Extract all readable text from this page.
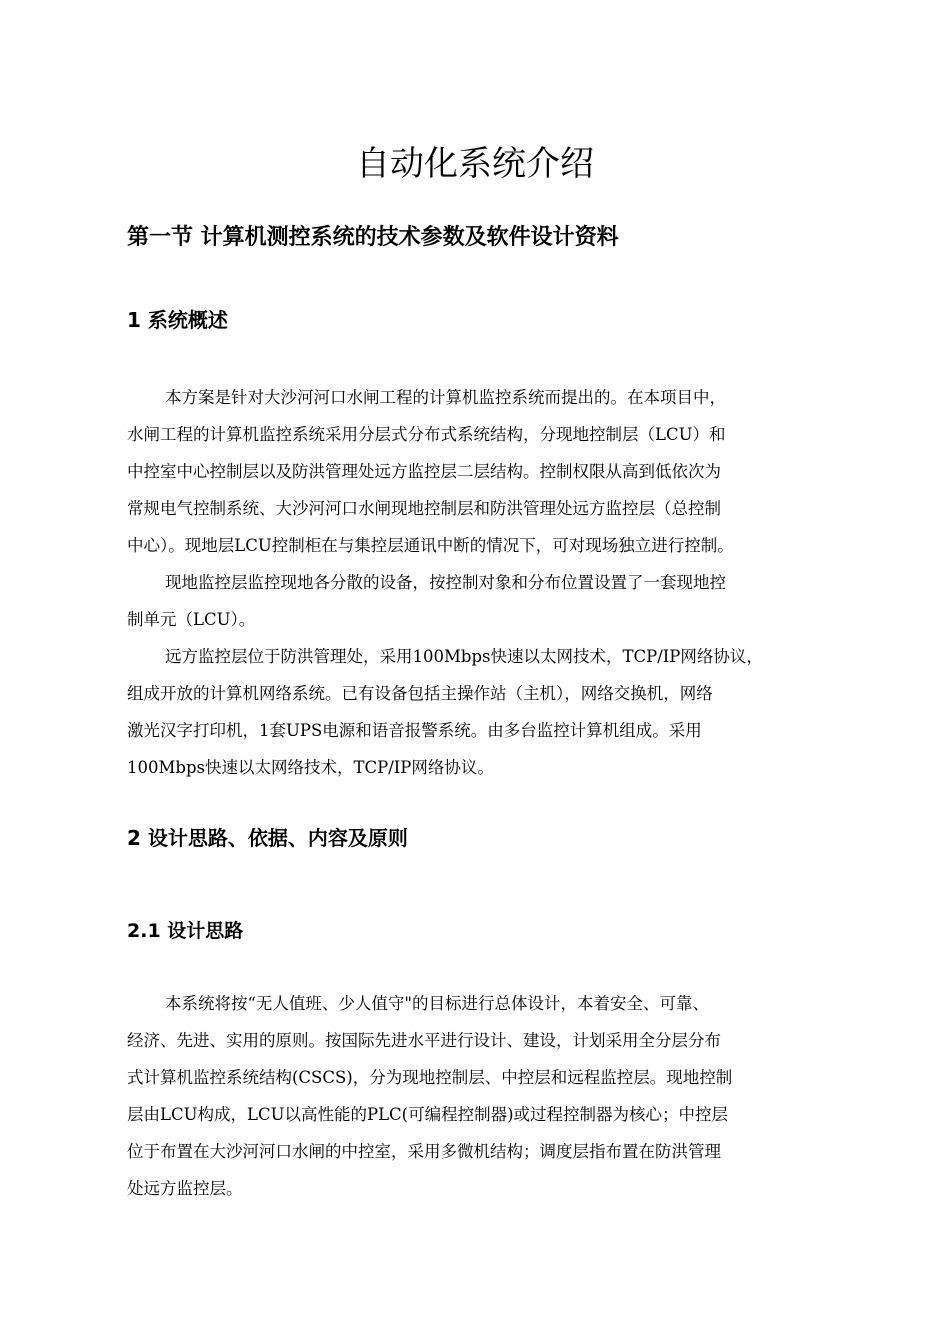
自动化系统介绍
第一节 计算机测控系统的技术参数及软件设计资料
1 系统概述
本方案是针对大沙河河口水闸工程的计算机监控系统而提出的。在本项目中，
水闸工程的计算机监控系统采用分层式分布式系统结构，分现地控制层（LCU）和
中控室中心控制层以及防洪管理处远方监控层二层结构。控制权限从高到低依次为
常规电气控制系统、大沙河河口水闸现地控制层和防洪管理处远方监控层（总控制
中心）。现地层LCU控制柜在与集控层通讯中断的情况下，可对现场独立进行控制。
现地监控层监控现地各分散的设备，按控制对象和分布位置设置了一套现地控
制单元（LCU）。
远方监控层位于防洪管理处，采用100Mbps快速以太网技术，TCP/IP网络协议，
组成开放的计算机网络系统。已有设备包括主操作站（主机），网络交换机，网络
激光汉字打印机，1套UPS电源和语音报警系统。由多台监控计算机组成。采用
100Mbps快速以太网络技术，TCP/IP网络协议。
2 设计思路、依据、内容及原则
2.1 设计思路
本系统将按“无人值班、少人值守"的目标进行总体设计，本着安全、可靠、
经济、先进、实用的原则。按国际先进水平进行设计、建设，计划采用全分层分布
式计算机监控系统结构(CSCS)，分为现地控制层、中控层和远程监控层。现地控制
层由LCU构成，LCU以高性能的PLC(可编程控制器)或过程控制器为核心；中控层
位于布置在大沙河河口水闸的中控室，采用多微机结构；调度层指布置在防洪管理
处远方监控层。
